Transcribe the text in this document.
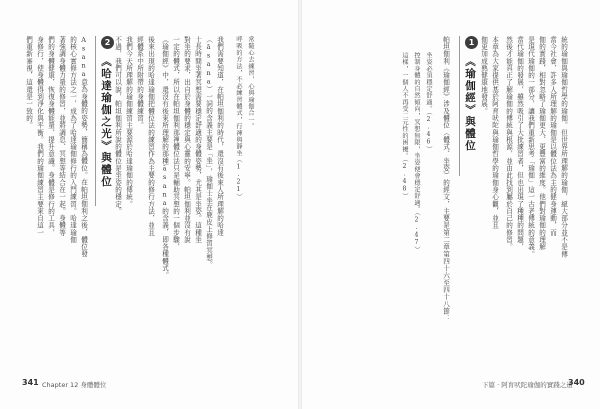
常隨心去練習，心與瑜伽合一。
呼吸的方法，不必練習體式，行禪與靜坐（1.21）
我們需要知道，在帕坦伽利的時代，還沒有後來人所理解的哈達
（āsana）一詞的含義主要是「坐」，瑜伽士坐在鹿皮上修習冥想。
士長時間坐著冥想需要穩定舒適的身體姿勢，尤其是坐姿。這種坐
對坐的要求，出自於身體的穩定與心靈的安寧。帕坦伽利並沒有說
一定的體式，所以在帕坦伽利那裡體位法只是輔助冥想的一個步驟，
《瑜伽經》中，還沒有後來所理解的那種āsana的含義，即各種體式。
後來出現的哈達瑜伽把體位法的練習作為主要的修行方法，並且
經體系中所附帶的身體練習。
我們今天所理解的瑜伽練習主要源於哈達瑜伽的傳統。
不過，我們可以說，帕坦伽利所說的體位是坐姿的穩定。
2
《哈達瑜伽之光》與體位
Asana意為身體的姿勢，簡稱為體位。在帕坦伽利之後，體位發
的核心實修方法之一，成為了哈達瑜伽修行的入門練習。哈達瑜伽
著強調身體力量的修習，並將調息、冥想等結合在一起。身體等
們的身體健康，恢復身體能量、提升意識。身體是修行的工具，
身修行，使身體得到淨化與平衡。我們的瑜伽練習主要來自這一
們重新審視，這還是一致的。
341 Chapter 12 身體體位
統的瑜伽與瑜伽哲學的瑜伽。但世界所理解的瑜伽，絕大部分並不是傳
當今社會，許多人所理解的瑜伽是以體位法為主的健身運動，而
伽的實踐，相對忽略了瑜伽更大、更豐富的維度。他們對瑜伽的理解
是現代瑜伽的一部分，讓我們重新思考「瑜伽」這一古老傳統的意義。
當代瑜伽的發展，雖然吸引了大批練習者，但也出現了種種的問題，
然後才能真正了解瑜伽的傳統與根源，並由此找到屬於自己的修習。
本章為大家提供基於阿育吠陀與瑜伽哲學的瑜伽身心觀，並且
伽更加成熟健康地發展。
1
《瑜伽經》與體位
帕坦伽利《瑜伽經》涉及體位（體式、坐姿）的經文，主要是第二章第四十六至四十八節：
坐姿必須穩定舒適。（2.46）
控制身體的自然傾向，冥想無限，坐姿便會穩定舒適。（2.47）
這樣，一個人不再受二元性的困擾。（2.48）
下篇 · 阿育吠陀瑜伽的實踐之道
340
